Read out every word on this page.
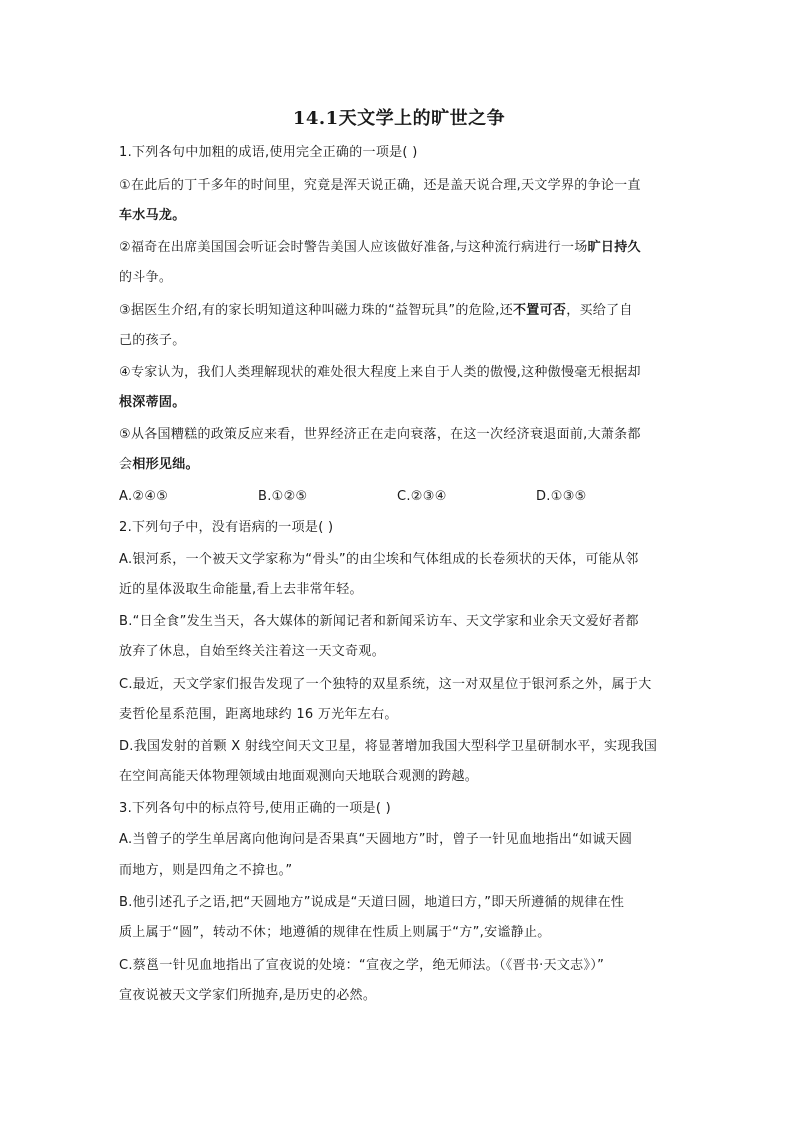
14.1天文学上的旷世之争
1.下列各句中加粗的成语,使用完全正确的一项是( )
①在此后的丁千多年的时间里，究竟是浑天说正确，还是盖天说合理,天文学界的争论一直
车水马龙。
②福奇在出席美国国会听证会时警告美国人应该做好准备,与这种流行病进行一场旷日持久
的斗争。
③据医生介绍,有的家长明知道这种叫磁力珠的“益智玩具”的危险,还不置可否，买给了自
己的孩子。
④专家认为，我们人类理解现状的难处很大程度上来自于人类的傲慢,这种傲慢毫无根据却
根深蒂固。
⑤从各国糟糕的政策反应来看，世界经济正在走向衰落，在这一次经济衰退面前,大萧条都
会相形见绌。
A.②④⑤	B.①②⑤	C.②③④	D.①③⑤
2.下列句子中，没有语病的一项是( )
A.银河系，一个被天文学家称为“骨头”的由尘埃和气体组成的长卷须状的天体，可能从邻
近的星体汲取生命能量,看上去非常年轻。
B.“日全食”发生当天，各大媒体的新闻记者和新闻采访车、天文学家和业余天文爱好者都
放弃了休息，自始至终关注着这一天文奇观。
C.最近，天文学家们报告发现了一个独特的双星系统，这一对双星位于银河系之外，属于大
麦哲伦星系范围，距离地球约 16 万光年左右。
D.我国发射的首颗 X 射线空间天文卫星，将显著增加我国大型科学卫星研制水平，实现我国
在空间高能天体物理领域由地面观测向天地联合观测的跨越。
3.下列各句中的标点符号,使用正确的一项是( )
A.当曾子的学生单居离向他询问是否果真“天圆地方”时，曾子一针见血地指出“如诚天圆
而地方，则是四角之不揜也。”
B.他引述孔子之语,把“天圆地方”说成是“天道曰圆，地道曰方，”即天所遵循的规律在性
质上属于“圆”，转动不休；地遵循的规律在性质上则属于“方”,安谧静止。
C.蔡邕一针见血地指出了宣夜说的处境：“宣夜之学，绝无师法。（《晋书·天文志》）”
宣夜说被天文学家们所抛弃,是历史的必然。
